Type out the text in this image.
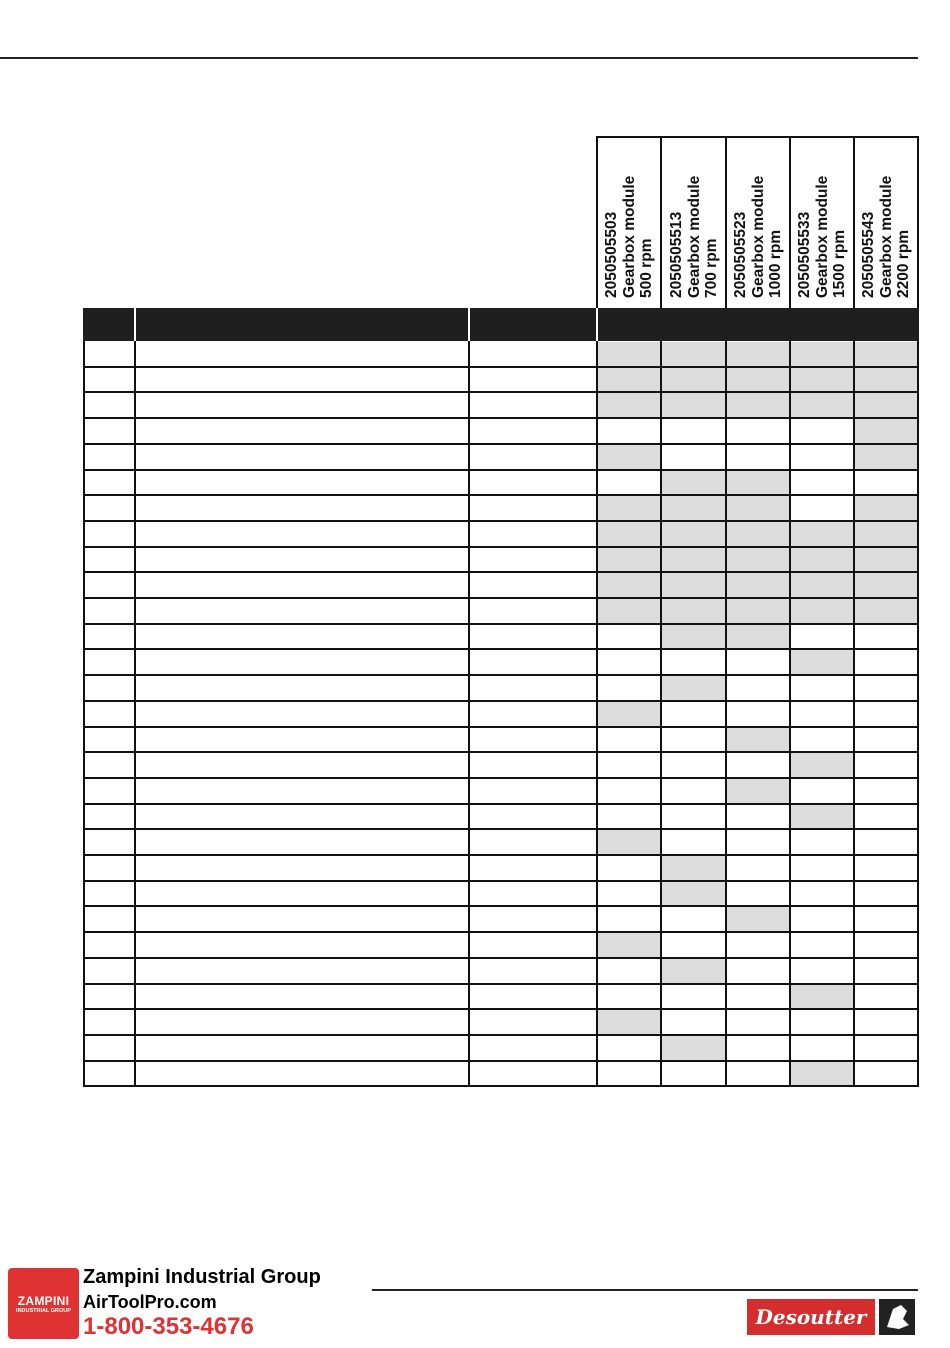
2050505503 Gearbox module 500 rpm 2050505513 Gearbox module 700 rpm 2050505523 Gearbox module 1000 rpm 2050505533 Gearbox module 1500 rpm 2050505543 Gearbox module 2200 rpm
ZAMPINI
INDUSTRIAL GROUP
Zampini Industrial Group
AirToolPro.com
1-800-353-4676	Desoutter
